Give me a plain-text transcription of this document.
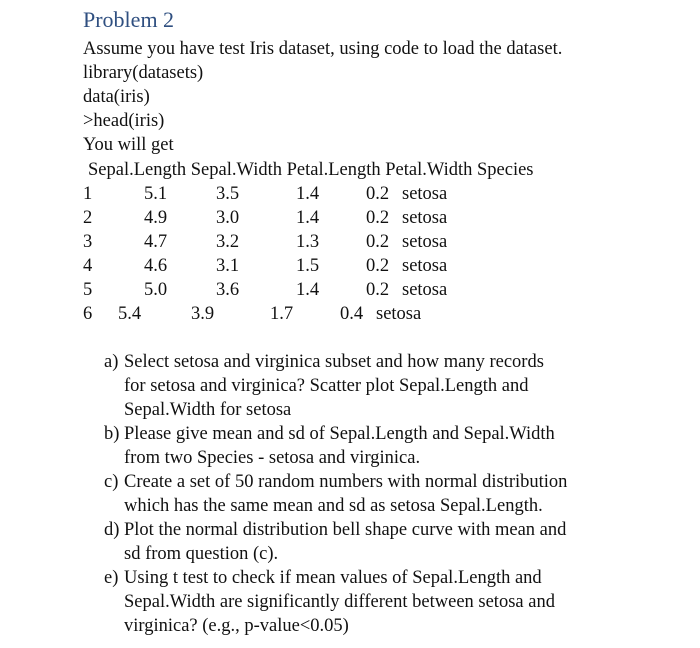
Problem 2
Assume you have test Iris dataset, using code to load the dataset.
library(datasets)
data(iris)
>head(iris)
You will get
Sepal.Length Sepal.Width Petal.Length Petal.Width Species
1	5.1	3.5	1.4	0.2 setosa
2	4.9	3.0	1.4	0.2 setosa
3	4.7	3.2	1.3	0.2 setosa
4	4.6	3.1	1.5	0.2 setosa
5	5.0	3.6	1.4	0.2 setosa
6 5.4	3.9	1.7	0.4 setosa
a) Select setosa and virginica subset and how many records
for setosa and virginica? Scatter plot Sepal.Length and
Sepal.Width for setosa
b) Please give mean and sd of Sepal.Length and Sepal.Width
from two Species - setosa and virginica.
c) Create a set of 50 random numbers with normal distribution
which has the same mean and sd as setosa Sepal.Length.
d) Plot the normal distribution bell shape curve with mean and
sd from question (c).
e) Using t test to check if mean values of Sepal.Length and
Sepal.Width are significantly different between setosa and
virginica? (e.g., p-value<0.05)
